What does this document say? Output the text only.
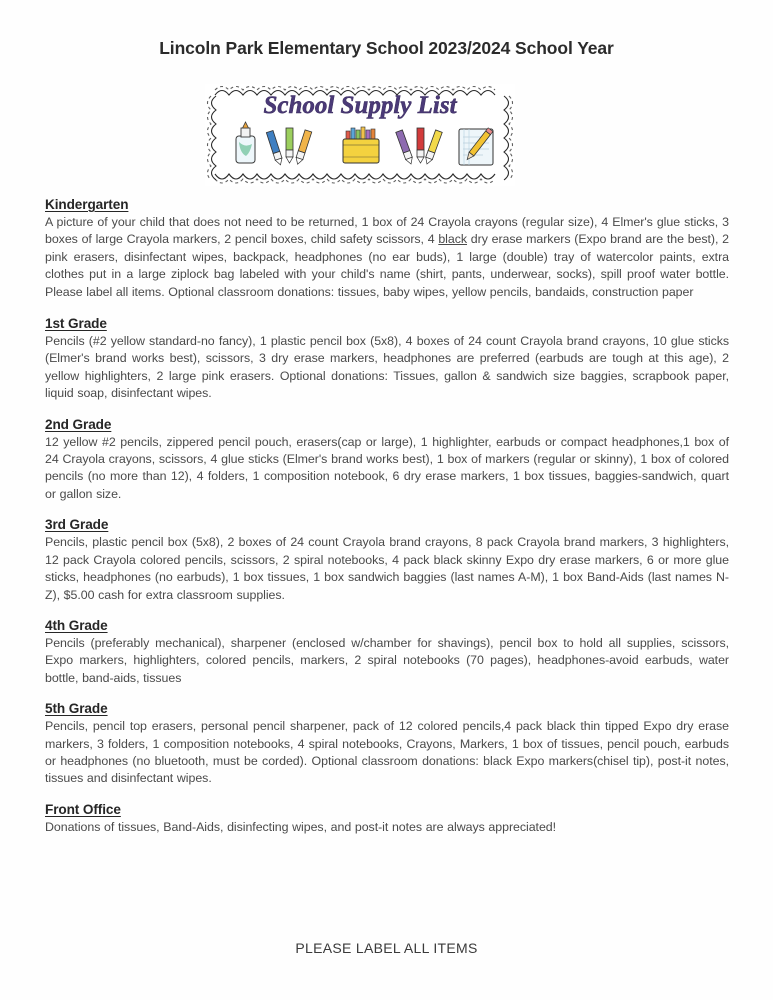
Lincoln Park Elementary School 2023/2024 School Year
School Supply List
Kindergarten

A picture of your child that does not need to be returned, 1 box of 24 Crayola crayons (regular size), 4 Elmer's glue sticks, 3 boxes of large Crayola markers, 2 pencil boxes, child safety scissors, 4 black dry erase markers (Expo brand are the best), 2 pink erasers, disinfectant wipes, backpack, headphones (no ear buds), 1 large (double) tray of watercolor paints, extra clothes put in a large ziplock bag labeled with your child's name (shirt, pants, underwear, socks), spill proof water bottle. Please label all items. Optional classroom donations: tissues, baby wipes, yellow pencils, bandaids, construction paper

1st Grade

Pencils (#2 yellow standard-no fancy), 1 plastic pencil box (5x8), 4 boxes of 24 count Crayola brand crayons, 10 glue sticks (Elmer's brand works best), scissors, 3 dry erase markers, headphones are preferred (earbuds are tough at this age), 2 yellow highlighters, 2 large pink erasers. Optional donations: Tissues, gallon & sandwich size baggies, scrapbook paper, liquid soap, disinfectant wipes.

2nd Grade

12 yellow #2 pencils, zippered pencil pouch, erasers(cap or large), 1 highlighter, earbuds or compact headphones,1 box of 24 Crayola crayons, scissors, 4 glue sticks (Elmer's brand works best), 1 box of markers (regular or skinny), 1 box of colored pencils (no more than 12), 4 folders, 1 composition notebook, 6 dry erase markers, 1 box tissues, baggies-sandwich, quart or gallon size.

3rd Grade

Pencils, plastic pencil box (5x8), 2 boxes of 24 count Crayola brand crayons, 8 pack Crayola brand markers, 3 highlighters, 12 pack Crayola colored pencils, scissors, 2 spiral notebooks, 4 pack black skinny Expo dry erase markers, 6 or more glue sticks, headphones (no earbuds), 1 box tissues, 1 box sandwich baggies (last names A-M), 1 box Band-Aids (last names N-Z), $5.00 cash for extra classroom supplies.

4th Grade

Pencils (preferably mechanical), sharpener (enclosed w/chamber for shavings), pencil box to hold all supplies, scissors, Expo markers, highlighters, colored pencils, markers, 2 spiral notebooks (70 pages), headphones-avoid earbuds, water bottle, band-aids, tissues

5th Grade

Pencils, pencil top erasers, personal pencil sharpener, pack of 12 colored pencils,4 pack black thin tipped Expo dry erase markers, 3 folders, 1 composition notebooks, 4 spiral notebooks, Crayons, Markers, 1 box of tissues, pencil pouch, earbuds or headphones (no bluetooth, must be corded). Optional classroom donations: black Expo markers(chisel tip), post-it notes, tissues and disinfectant wipes.

Front Office

Donations of tissues, Band-Aids, disinfecting wipes, and post-it notes are always appreciated!

PLEASE LABEL ALL ITEMS
